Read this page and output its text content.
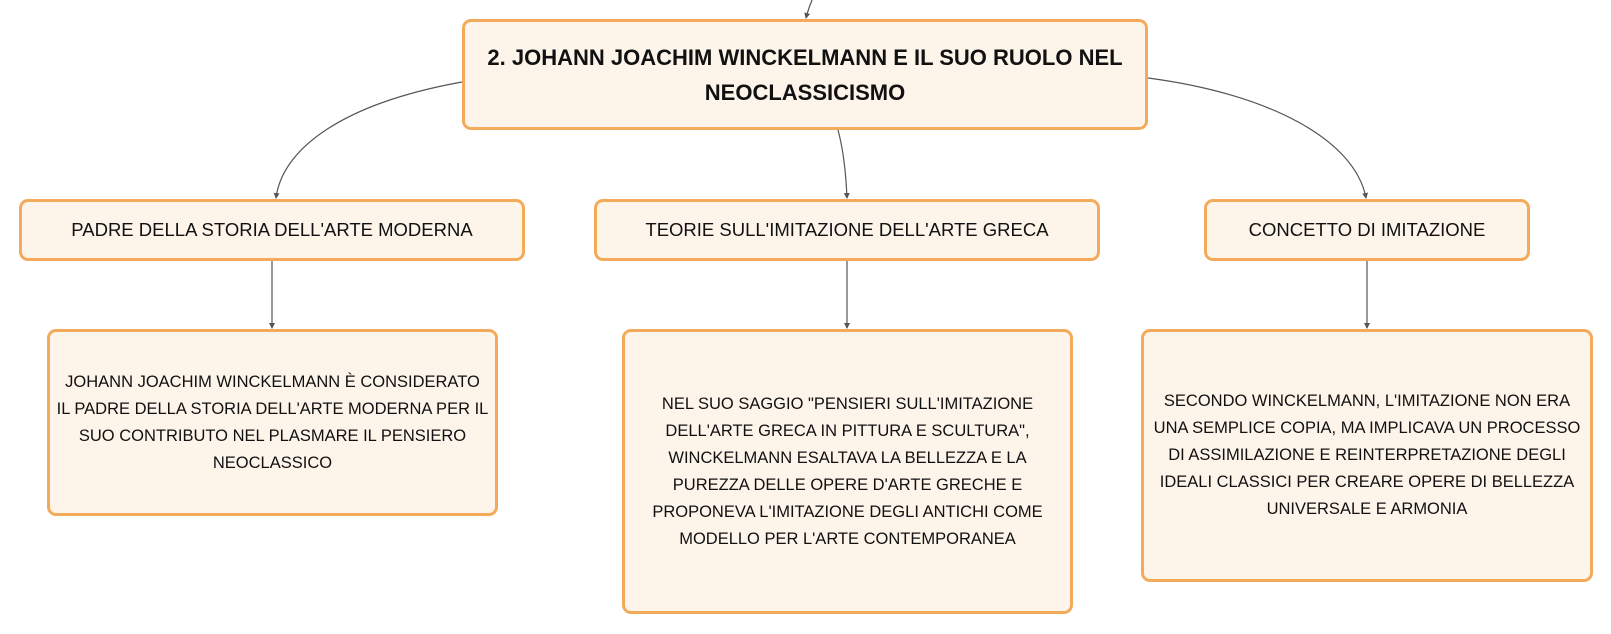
2. JOHANN JOACHIM WINCKELMANN E IL SUO RUOLO NEL NEOCLASSICISMO
PADRE DELLA STORIA DELL'ARTE MODERNA	TEORIE SULL'IMITAZIONE DELL'ARTE GRECA	CONCETTO DI IMITAZIONE
JOHANN JOACHIM WINCKELMANN È CONSIDERATO IL PADRE DELLA STORIA DELL'ARTE MODERNA PER IL SUO CONTRIBUTO NEL PLASMARE IL PENSIERO NEOCLASSICO
NEL SUO SAGGIO "PENSIERI SULL'IMITAZIONE DELL'ARTE GRECA IN PITTURA E SCULTURA", WINCKELMANN ESALTAVA LA BELLEZZA E LA PUREZZA DELLE OPERE D'ARTE GRECHE E PROPONEVA L'IMITAZIONE DEGLI ANTICHI COME MODELLO PER L'ARTE CONTEMPORANEA
SECONDO WINCKELMANN, L'IMITAZIONE NON ERA UNA SEMPLICE COPIA, MA IMPLICAVA UN PROCESSO DI ASSIMILAZIONE E REINTERPRETAZIONE DEGLI IDEALI CLASSICI PER CREARE OPERE DI BELLEZZA UNIVERSALE E ARMONIA
